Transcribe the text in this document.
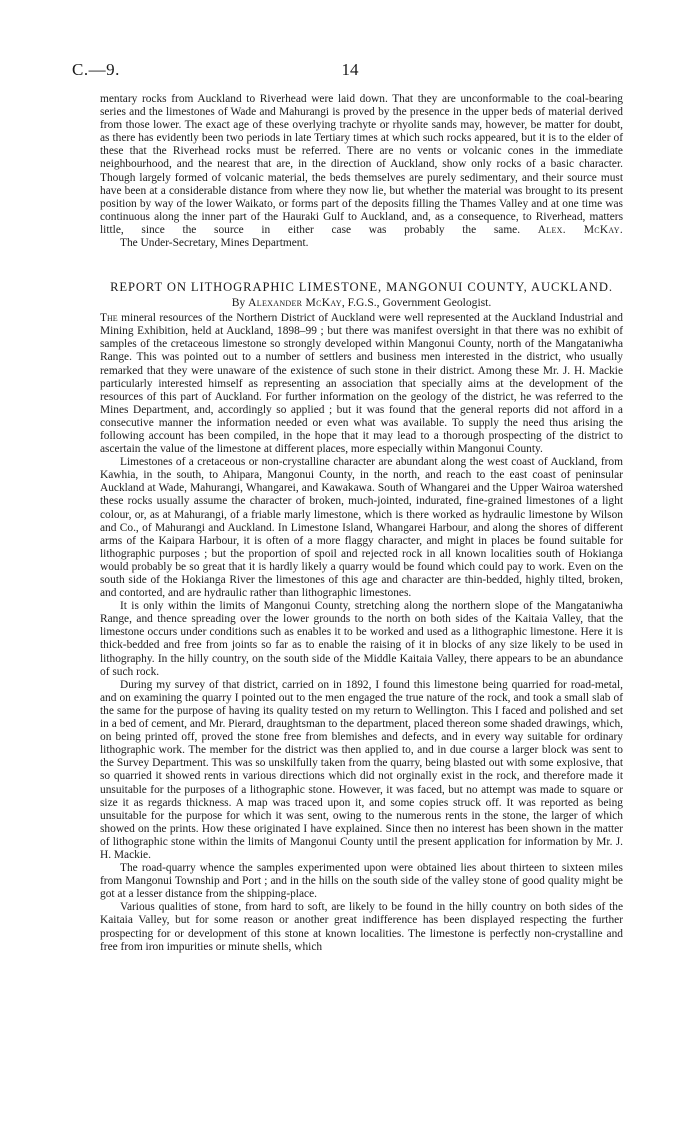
C.—9.	14

mentary rocks from Auckland to Riverhead were laid down. That they are unconformable to the coal-bearing series and the limestones of Wade and Mahurangi is proved by the presence in the upper beds of material derived from those lower. The exact age of these overlying trachyte or rhyolite sands may, however, be matter for doubt, as there has evidently been two periods in late Tertiary times at which such rocks appeared, but it is to the elder of these that the Riverhead rocks must be referred. There are no vents or volcanic cones in the immediate neighbourhood, and the nearest that are, in the direction of Auckland, show only rocks of a basic character. Though largely formed of volcanic material, the beds themselves are purely sedimentary, and their source must have been at a considerable distance from where they now lie, but whether the material was brought to its present position by way of the lower Waikato, or forms part of the deposits filling the Thames Valley and at one time was continuous along the inner part of the Hauraki Gulf to Auckland, and, as a consequence, to Riverhead, matters little, since the source in either case was probably the same. Alex. McKay.

The Under-Secretary, Mines Department.

REPORT ON LITHOGRAPHIC LIMESTONE, MANGONUI COUNTY, AUCKLAND.
By Alexander McKay, F.G.S., Government Geologist.

The mineral resources of the Northern District of Auckland were well represented at the Auckland Industrial and Mining Exhibition, held at Auckland, 1898–99 ; but there was manifest oversight in that there was no exhibit of samples of the cretaceous limestone so strongly developed within Mangonui County, north of the Mangataniwha Range. This was pointed out to a number of settlers and business men interested in the district, who usually remarked that they were unaware of the existence of such stone in their district. Among these Mr. J. H. Mackie particularly interested himself as representing an association that specially aims at the development of the resources of this part of Auckland. For further information on the geology of the district, he was referred to the Mines Department, and, accordingly so applied ; but it was found that the general reports did not afford in a consecutive manner the information needed or even what was available. To supply the need thus arising the following account has been compiled, in the hope that it may lead to a thorough prospecting of the district to ascertain the value of the limestone at different places, more especially within Mangonui County.

Limestones of a cretaceous or non-crystalline character are abundant along the west coast of Auckland, from Kawhia, in the south, to Ahipara, Mangonui County, in the north, and reach to the east coast of peninsular Auckland at Wade, Mahurangi, Whangarei, and Kawakawa. South of Whangarei and the Upper Wairoa watershed these rocks usually assume the character of broken, much-jointed, indurated, fine-grained limestones of a light colour, or, as at Mahurangi, of a friable marly limestone, which is there worked as hydraulic limestone by Wilson and Co., of Mahurangi and Auckland. In Limestone Island, Whangarei Harbour, and along the shores of different arms of the Kaipara Harbour, it is often of a more flaggy character, and might in places be found suitable for lithographic purposes ; but the proportion of spoil and rejected rock in all known localities south of Hokianga would probably be so great that it is hardly likely a quarry would be found which could pay to work. Even on the south side of the Hokianga River the limestones of this age and character are thin-bedded, highly tilted, broken, and contorted, and are hydraulic rather than lithographic limestones.

It is only within the limits of Mangonui County, stretching along the northern slope of the Mangataniwha Range, and thence spreading over the lower grounds to the north on both sides of the Kaitaia Valley, that the limestone occurs under conditions such as enables it to be worked and used as a lithographic limestone. Here it is thick-bedded and free from joints so far as to enable the raising of it in blocks of any size likely to be used in lithography. In the hilly country, on the south side of the Middle Kaitaia Valley, there appears to be an abundance of such rock.

During my survey of that district, carried on in 1892, I found this limestone being quarried for road-metal, and on examining the quarry I pointed out to the men engaged the true nature of the rock, and took a small slab of the same for the purpose of having its quality tested on my return to Wellington. This I faced and polished and set in a bed of cement, and Mr. Pierard, draughtsman to the department, placed thereon some shaded drawings, which, on being printed off, proved the stone free from blemishes and defects, and in every way suitable for ordinary lithographic work. The member for the district was then applied to, and in due course a larger block was sent to the Survey Department. This was so unskilfully taken from the quarry, being blasted out with some explosive, that so quarried it showed rents in various directions which did not orginally exist in the rock, and therefore made it unsuitable for the purposes of a lithographic stone. However, it was faced, but no attempt was made to square or size it as regards thickness. A map was traced upon it, and some copies struck off. It was reported as being unsuitable for the purpose for which it was sent, owing to the numerous rents in the stone, the larger of which showed on the prints. How these originated I have explained. Since then no interest has been shown in the matter of lithographic stone within the limits of Mangonui County until the present application for information by Mr. J. H. Mackie.

The road-quarry whence the samples experimented upon were obtained lies about thirteen to sixteen miles from Mangonui Township and Port ; and in the hills on the south side of the valley stone of good quality might be got at a lesser distance from the shipping-place.

Various qualities of stone, from hard to soft, are likely to be found in the hilly country on both sides of the Kaitaia Valley, but for some reason or another great indifference has been displayed respecting the further prospecting for or development of this stone at known localities. The limestone is perfectly non-crystalline and free from iron impurities or minute shells, which
